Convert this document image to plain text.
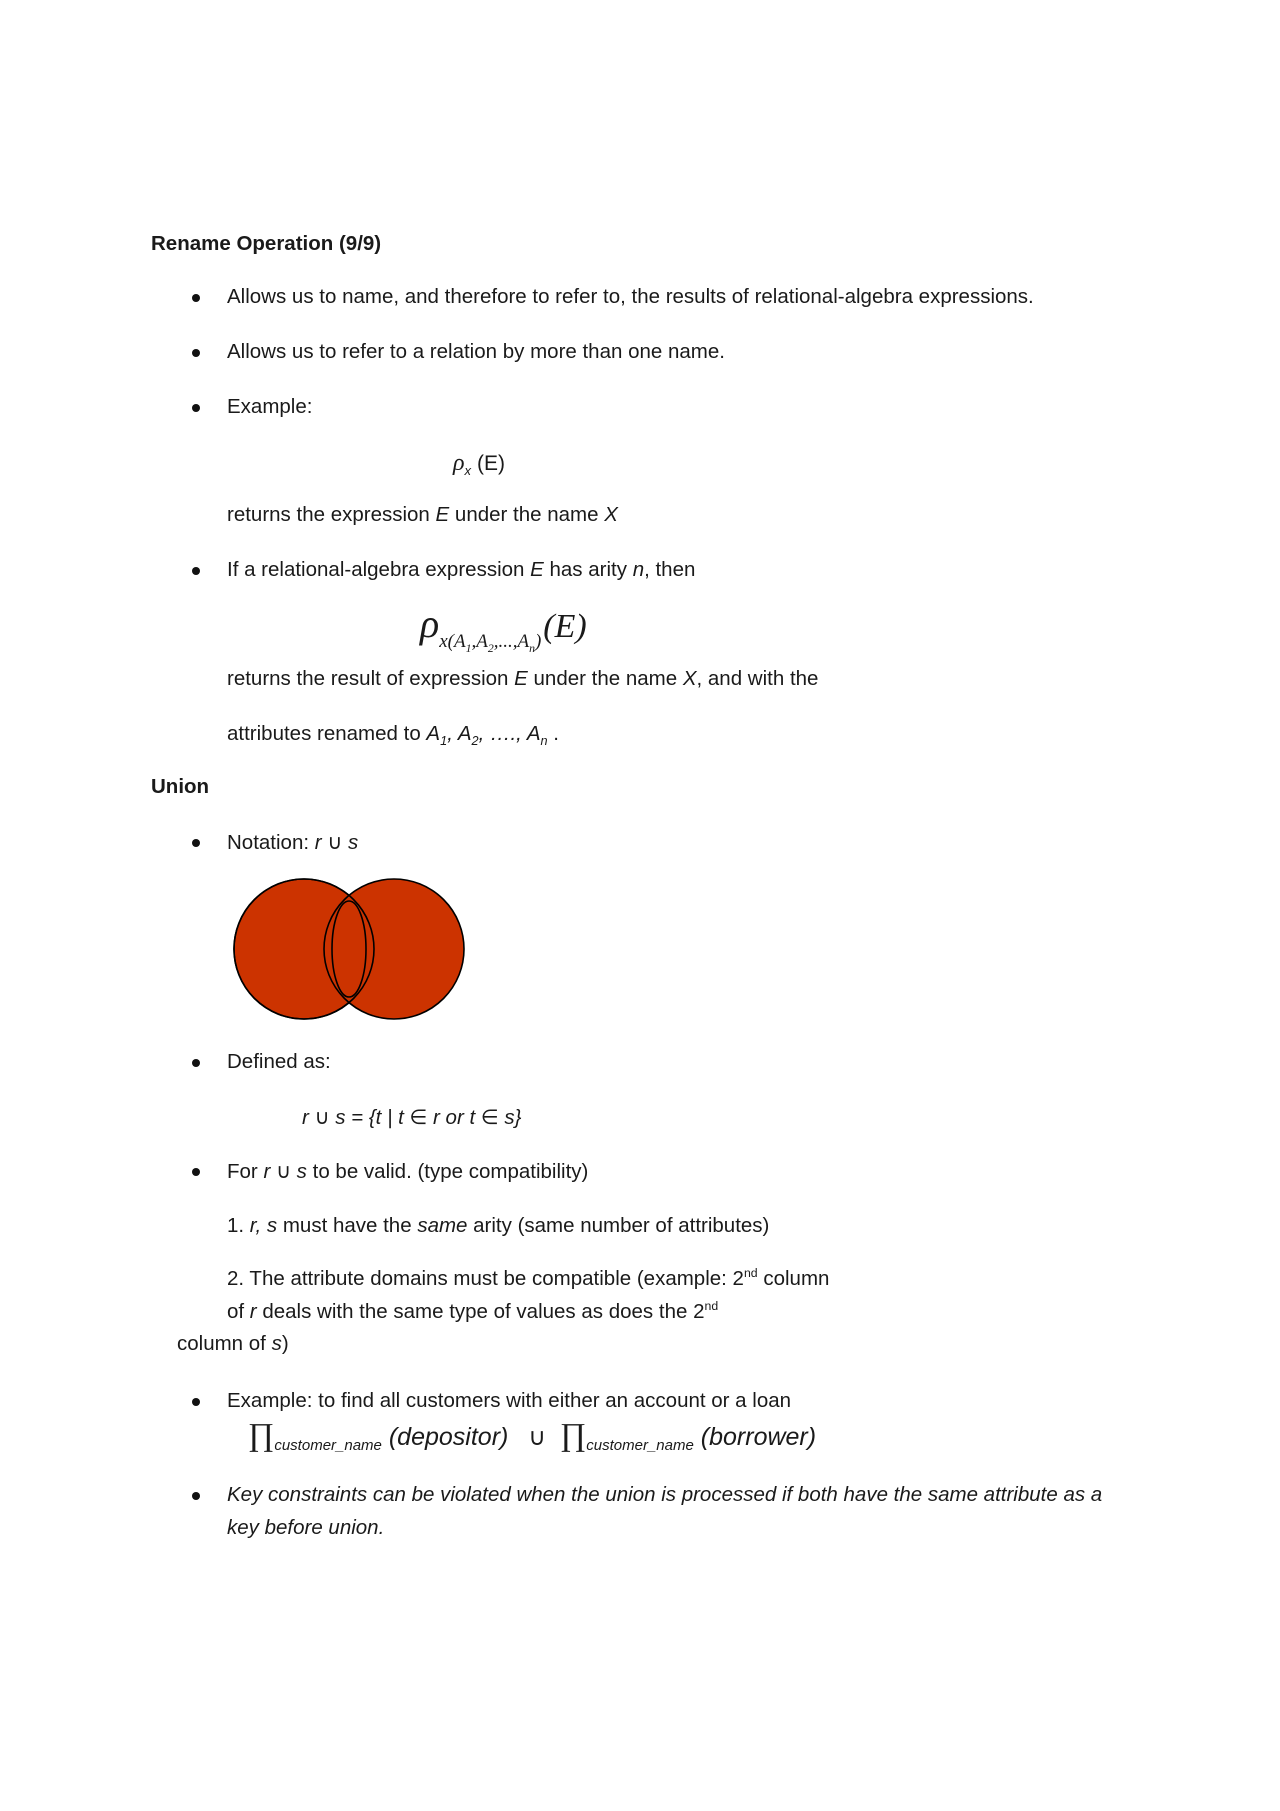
Rename Operation (9/9)
Allows us to name, and therefore to refer to, the results of relational-algebra expressions.
Allows us to refer to a relation by more than one name.
Example:
$\rho_x$ (E)
returns the expression E under the name X
If a relational-algebra expression E has arity n, then
$\rho x(A_1,A_2,...,A_n)(E)$
returns the result of expression E under the name X, and with the
attributes renamed to $A_1$, $A_2$, …., $A_n$ .
Union
Notation: r ∪ s
Defined as:
r ∪ s = {t | t ∈ r or t ∈ s}
For r ∪ s to be valid. (type compatibility)
1. r, s must have the same arity (same number of attributes)
2. The attribute domains must be compatible (example: 2nd column
of r deals with the same type of values as does the 2nd
column of s)
Example: to find all customers with either an account or a loan
$\prod_{customer\_name}$ (depositor) ∪ $\prod_{customer\_name}$ (borrower)
Key constraints can be violated when the union is processed if both have the same attribute as a
key before union.
